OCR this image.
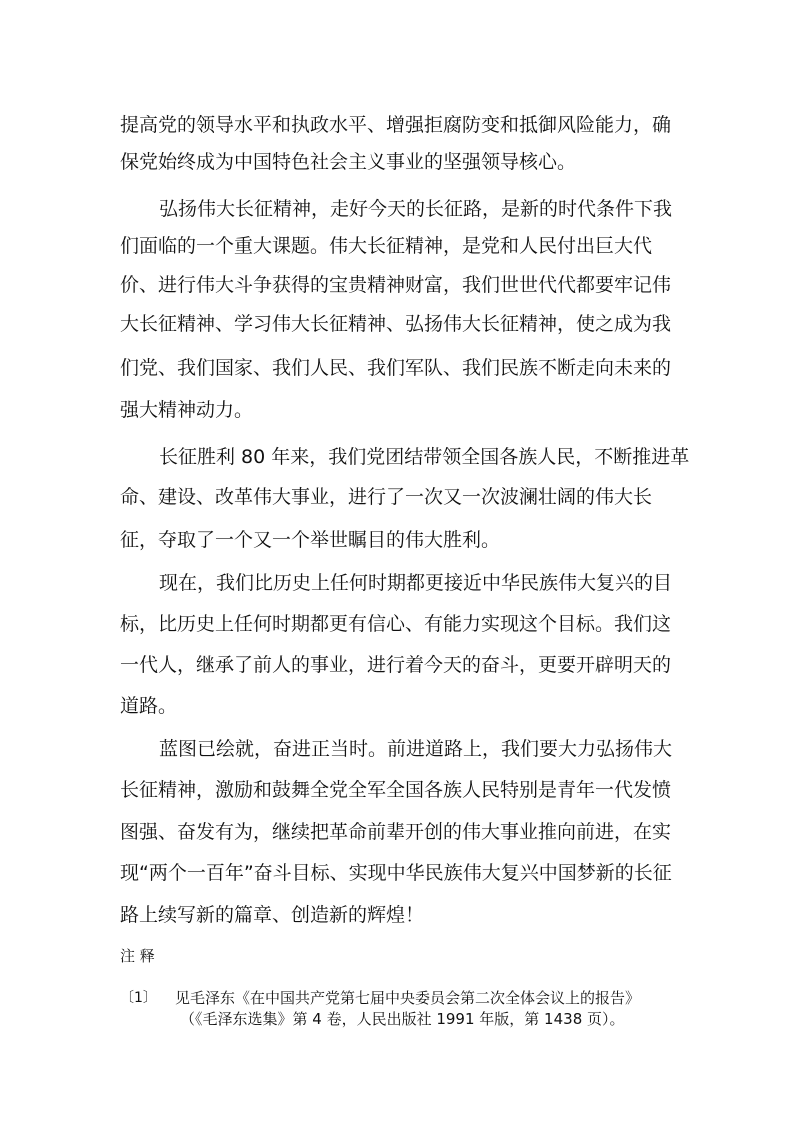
提高党的领导水平和执政水平、增强拒腐防变和抵御风险能力，确
保党始终成为中国特色社会主义事业的坚强领导核心。
弘扬伟大长征精神，走好今天的长征路，是新的时代条件下我
们面临的一个重大课题。伟大长征精神，是党和人民付出巨大代
价、进行伟大斗争获得的宝贵精神财富，我们世世代代都要牢记伟
大长征精神、学习伟大长征精神、弘扬伟大长征精神，使之成为我
们党、我们国家、我们人民、我们军队、我们民族不断走向未来的
强大精神动力。
长征胜利 80 年来，我们党团结带领全国各族人民，不断推进革
命、建设、改革伟大事业，进行了一次又一次波澜壮阔的伟大长
征，夺取了一个又一个举世瞩目的伟大胜利。
现在，我们比历史上任何时期都更接近中华民族伟大复兴的目
标，比历史上任何时期都更有信心、有能力实现这个目标。我们这
一代人，继承了前人的事业，进行着今天的奋斗，更要开辟明天的
道路。
蓝图已绘就，奋进正当时。前进道路上，我们要大力弘扬伟大
长征精神，激励和鼓舞全党全军全国各族人民特别是青年一代发愤
图强、奋发有为，继续把革命前辈开创的伟大事业推向前进，在实
现“两个一百年”奋斗目标、实现中华民族伟大复兴中国梦新的长征
路上续写新的篇章、创造新的辉煌！
注 释
〔1〕 见毛泽东《在中国共产党第七届中央委员会第二次全体会议上的报告》
（《毛泽东选集》第 4 卷，人民出版社 1991 年版，第 1438 页）。
